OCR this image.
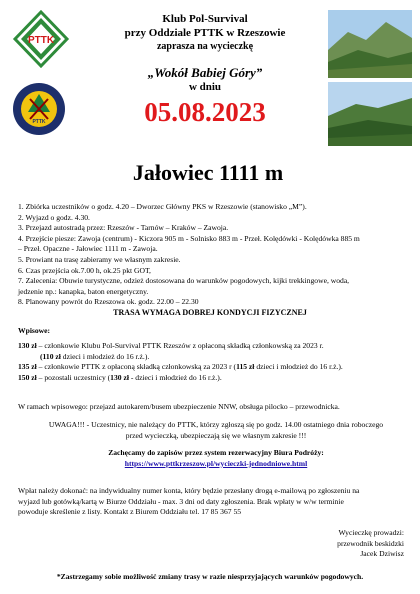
PTTK
PTTK
Klub Pol-Survival
przy Oddziale PTTK w Rzeszowie
zaprasza na wycieczkę
„Wokół Babiej Góry”
w dniu
05.08.2023
Jałowiec 1111 m
1. Zbiórka uczestników o godz. 4.20 – Dworzec Główny PKS w Rzeszowie (stanowisko „M”).
2. Wyjazd o godz. 4.30.
3. Przejazd autostradą przez: Rzeszów - Tarnów – Kraków – Zawoja.
4. Przejście piesze: Zawoja (centrum) - Kiczora 905 m - Solnisko 883 m - Przeł. Kolędówki - Kolędówka 885 m
– Przeł. Opaczne - Jałowiec 1111 m - Zawoja.
5. Prowiant na trasę zabieramy we własnym zakresie.
6. Czas przejścia ok.7.00 h, ok.25 pkt GOT,
7. Zalecenia: Obuwie turystyczne, odzież dostosowana do warunków pogodowych, kijki trekkingowe, woda,
jedzenie np.: kanapka, baton energetyczny.
8. Planowany powrót do Rzeszowa ok. godz. 22.00 – 22.30
TRASA WYMAGA DOBREJ KONDYCJI FIZYCZNEJ
Wpisowe:
130 zł – członkowie Klubu Pol-Survival PTTK Rzeszów z opłaconą składką członkowską za 2023 r.
(110 zł dzieci i młodzież do 16 r.ż.).
135 zł – członkowie PTTK z opłaconą składką członkowską za 2023 r (115 zł dzieci i młodzież do 16 r.ż.).
150 zł – pozostali uczestnicy (130 zł - dzieci i młodzież do 16 r.ż.).
W ramach wpisowego: przejazd autokarem/busem ubezpieczenie NNW, obsługa pilocko – przewodnicka.
UWAGA!!! - Uczestnicy, nie należący do PTTK, którzy zgłoszą się po godz. 14.00 ostatniego dnia roboczego
przed wycieczką, ubezpieczają się we własnym zakresie !!!
Zachęcamy do zapisów przez system rezerwacyjny Biura Podróży:
https://www.pttkrzeszow.pl/wycieczki-jednodniowe.html
Wpłat należy dokonać: na indywidualny numer konta, który będzie przesłany drogą e-mailową po zgłoszeniu na
wyjazd lub gotówką/kartą w Biurze Oddziału - max. 3 dni od daty zgłoszenia. Brak wpłaty w w/w terminie
powoduje skreślenie z listy. Kontakt z Biurem Oddziału tel. 17 85 367 55
Wycieczkę prowadzi:
przewodnik beskidzki
Jacek Dziwisz
*Zastrzegamy sobie możliwość zmiany trasy w razie niesprzyjających warunków pogodowych.
